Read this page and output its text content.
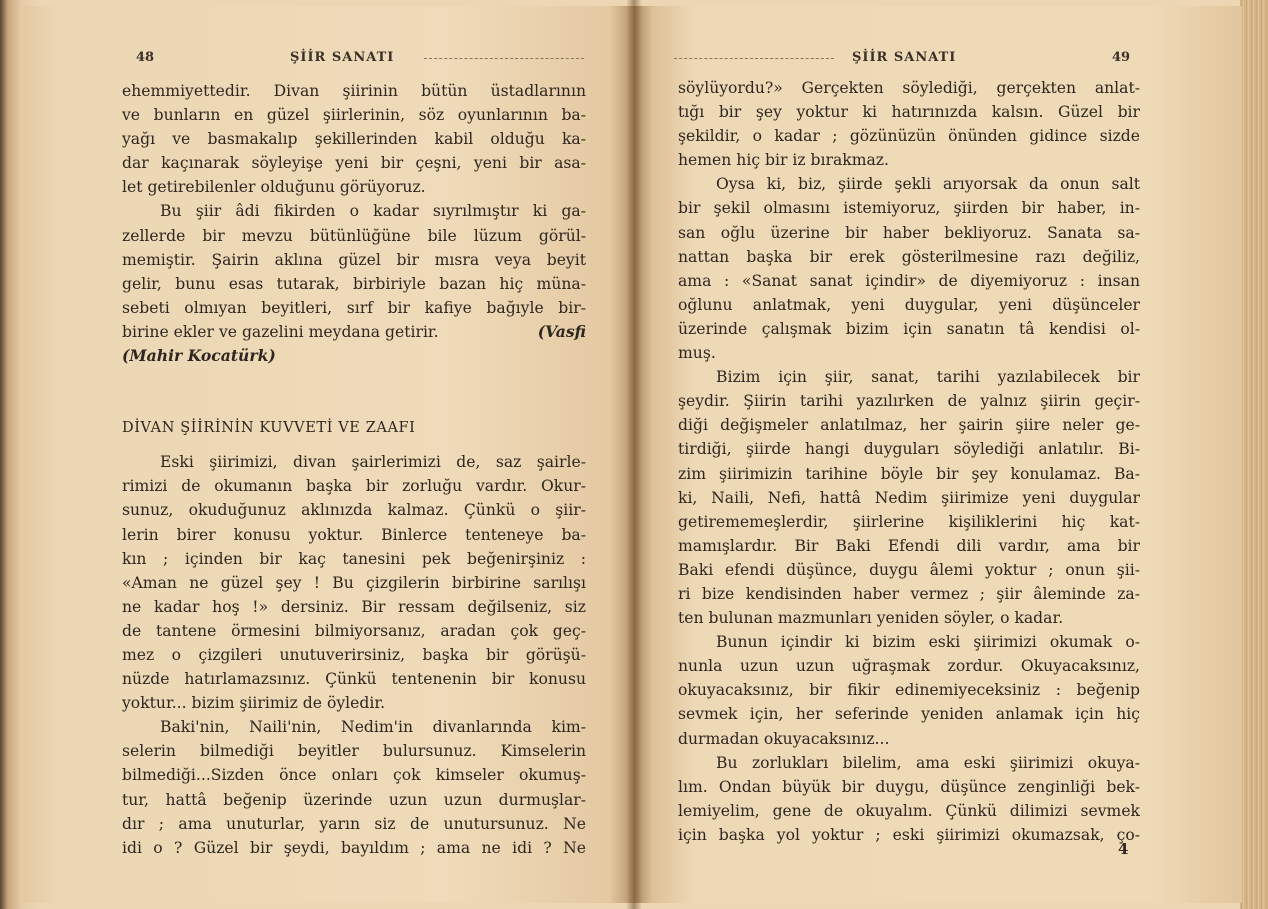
48	ŞİİR SANATI
ehemmiyettedir. Divan şiirinin bütün üstadlarının
ve bunların en güzel şiirlerinin, söz oyunlarının ba-
yağı ve basmakalıp şekillerinden kabil olduğu ka-
dar kaçınarak söyleyişe yeni bir çeşni, yeni bir asa-
let getirebilenler olduğunu görüyoruz.
Bu şiir âdi fikirden o kadar sıyrılmıştır ki ga-
zellerde bir mevzu bütünlüğüne bile lüzum görül-
memiştir. Şairin aklına güzel bir mısra veya beyit
gelir, bunu esas tutarak, birbiriyle bazan hiç müna-
sebeti olmıyan beyitleri, sırf bir kafiye bağıyle bir-
birine ekler ve gazelini meydana getirir.	(Vasfi
(Mahir Kocatürk)
DİVAN ŞİİRİNİN KUVVETİ VE ZAAFI
Eski şiirimizi, divan şairlerimizi de, saz şairle-
rimizi de okumanın başka bir zorluğu vardır. Okur-
sunuz, okuduğunuz aklınızda kalmaz. Çünkü o şiir-
lerin birer konusu yoktur. Binlerce tenteneye ba-
kın ; içinden bir kaç tanesini pek beğenirşiniz :
«Aman ne güzel şey ! Bu çizgilerin birbirine sarılışı
ne kadar hoş !» dersiniz. Bir ressam değilseniz, siz
de tantene örmesini bilmiyorsanız, aradan çok geç-
mez o çizgileri unutuverirsiniz, başka bir görüşü-
nüzde hatırlamazsınız. Çünkü tentenenin bir konusu
yoktur... bizim şiirimiz de öyledir.
Baki'nin, Naili'nin, Nedim'in divanlarında kim-
selerin bilmediği beyitler bulursunuz. Kimselerin
bilmediği...Sizden önce onları çok kimseler okumuş-
tur, hattâ beğenip üzerinde uzun uzun durmuşlar-
dır ; ama unuturlar, yarın siz de unutursunuz. Ne
idi o ? Güzel bir şeydi, bayıldım ; ama ne idi ? Ne
ŞİİR SANATI	49
söylüyordu?» Gerçekten söylediği, gerçekten anlat-
tığı bir şey yoktur ki hatırınızda kalsın. Güzel bir
şekildir, o kadar ; gözünüzün önünden gidince sizde
hemen hiç bir iz bırakmaz.
Oysa ki, biz, şiirde şekli arıyorsak da onun salt
bir şekil olmasını istemiyoruz, şiirden bir haber, in-
san oğlu üzerine bir haber bekliyoruz. Sanata sa-
nattan başka bir erek gösterilmesine razı değiliz,
ama : «Sanat sanat içindir» de diyemiyoruz : insan
oğlunu anlatmak, yeni duygular, yeni düşünceler
üzerinde çalışmak bizim için sanatın tâ kendisi ol-
muş.
Bizim için şiir, sanat, tarihi yazılabilecek bir
şeydir. Şiirin tarihi yazılırken de yalnız şiirin geçir-
diği değişmeler anlatılmaz, her şairin şiire neler ge-
tirdiği, şiirde hangi duyguları söylediği anlatılır. Bi-
zim şiirimizin tarihine böyle bir şey konulamaz. Ba-
ki, Naili, Nefi, hattâ Nedim şiirimize yeni duygular
getirememeşlerdir, şiirlerine kişiliklerini hiç kat-
mamışlardır. Bir Baki Efendi dili vardır, ama bir
Baki efendi düşünce, duygu âlemi yoktur ; onun şii-
ri bize kendisinden haber vermez ; şiir âleminde za-
ten bulunan mazmunları yeniden söyler, o kadar.
Bunun içindir ki bizim eski şiirimizi okumak o-
nunla uzun uzun uğraşmak zordur. Okuyacaksınız,
okuyacaksınız, bir fikir edinemiyeceksiniz : beğenip
sevmek için, her seferinde yeniden anlamak için hiç
durmadan okuyacaksınız...
Bu zorlukları bilelim, ama eski şiirimizi okuya-
lım. Ondan büyük bir duygu, düşünce zenginliği bek-
lemiyelim, gene de okuyalım. Çünkü dilimizi sevmek
için başka yol yoktur ; eski şiirimizi okumazsak, ço-
4
